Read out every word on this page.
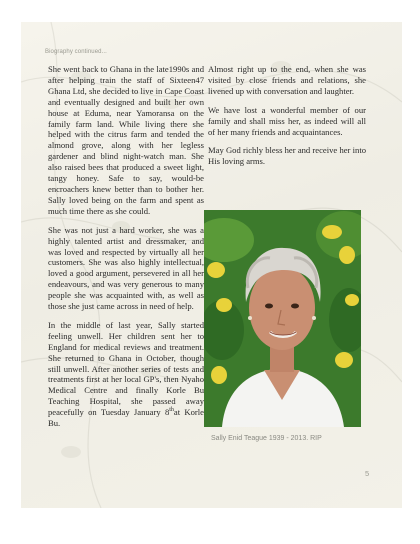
Biography continued...

She went back to Ghana in the late1990s and after helping train the staff of Sixteen47 Ghana Ltd, she decided to live in Cape Coast and eventually designed and built her own house at Eduma, near Yamoransa on the family farm land. While living there she helped with the citrus farm and tended the almond grove, along with her legless gardener and blind night-watch man. She also raised bees that produced a sweet light, tangy honey. Safe to say, would-be encroachers knew better than to bother her. Sally loved being on the farm and spent as much time there as she could.

She was not just a hard worker, she was a highly talented artist and dressmaker, and was loved and respected by virtually all her customers. She was also highly intellectual, loved a good argument, persevered in all her endeavours, and was very generous to many people she was acquainted with, as well as those she just came across in need of help.

In the middle of last year, Sally started feeling unwell. Her children sent her to England for medical reviews and treatment. She returned to Ghana in October, though still unwell. After another series of tests and treatments first at her local GP's, then Nyaho Medical Centre and finally Korle Bu Teaching Hospital, she passed away peacefully on Tuesday January 8that Korle Bu.

Almost right up to the end, when she was visited by close friends and relations, she livened up with conversation and laughter.

We have lost a wonderful member of our family and shall miss her, as indeed will all of her many friends and acquaintances.

May God richly bless her and receive her into His loving arms.

Sally Enid Teague 1939 - 2013. RIP
5
